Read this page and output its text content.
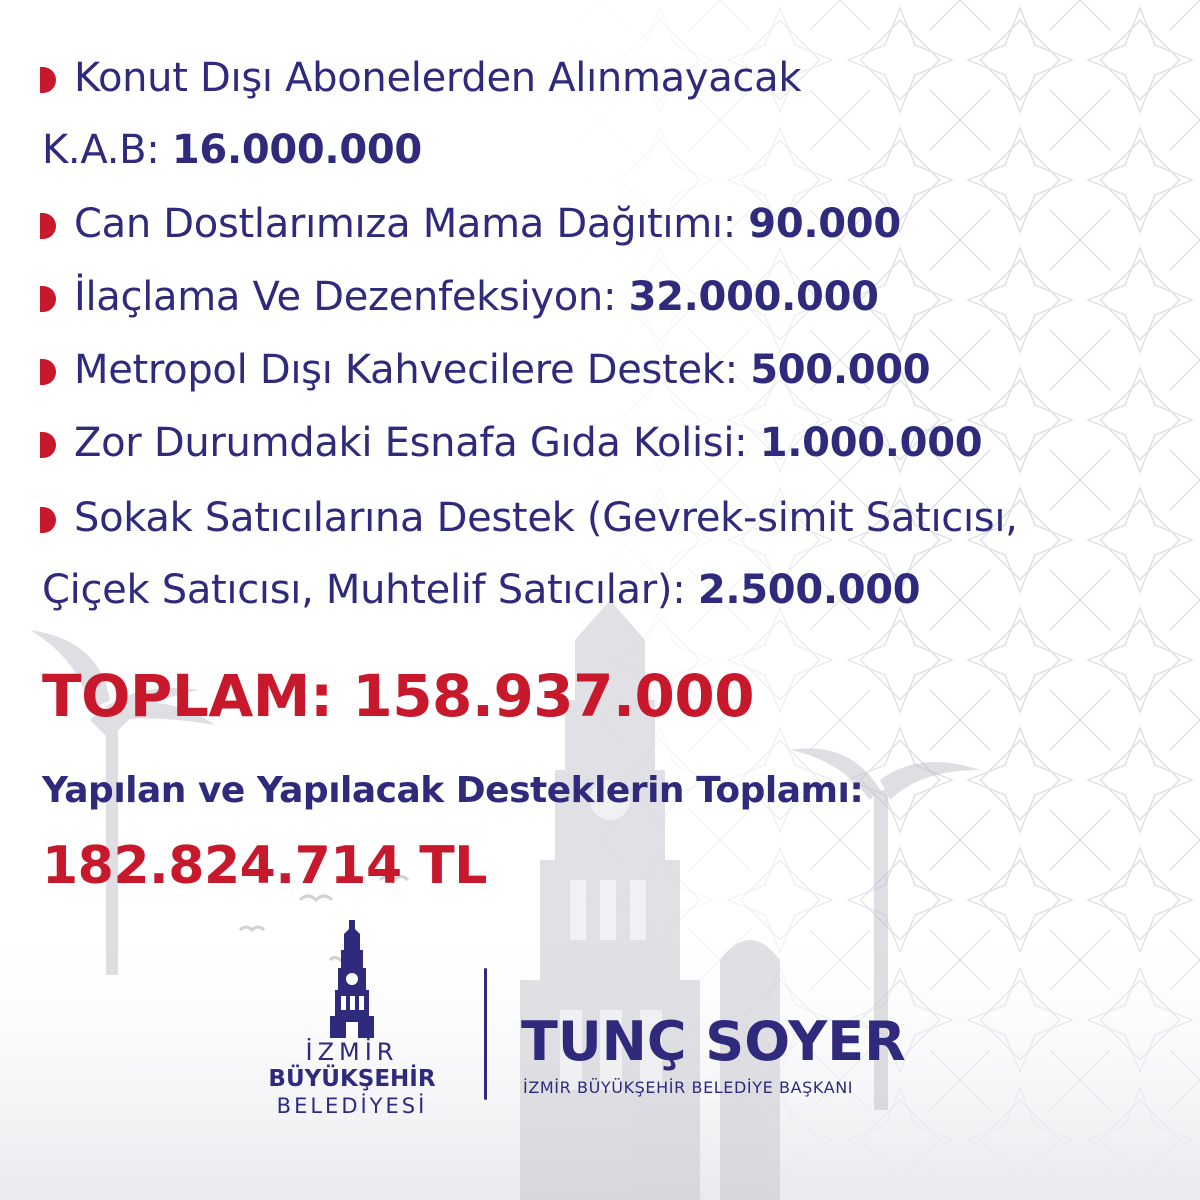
Konut Dışı Abonelerden Alınmayacak
K.A.B: 16.000.000
Can Dostlarımıza Mama Dağıtımı: 90.000
İlaçlama Ve Dezenfeksiyon: 32.000.000
Metropol Dışı Kahvecilere Destek: 500.000
Zor Durumdaki Esnafa Gıda Kolisi: 1.000.000
Sokak Satıcılarına Destek (Gevrek-simit Satıcısı,
Çiçek Satıcısı, Muhtelif Satıcılar): 2.500.000
TOPLAM: 158.937.000
Yapılan ve Yapılacak Desteklerin Toplamı:
182.824.714 TL
İZMİR
BÜYÜKŞEHİR
BELEDİYESİ
TUNÇ SOYER
İZMİR BÜYÜKŞEHİR BELEDİYE BAŞKANI
